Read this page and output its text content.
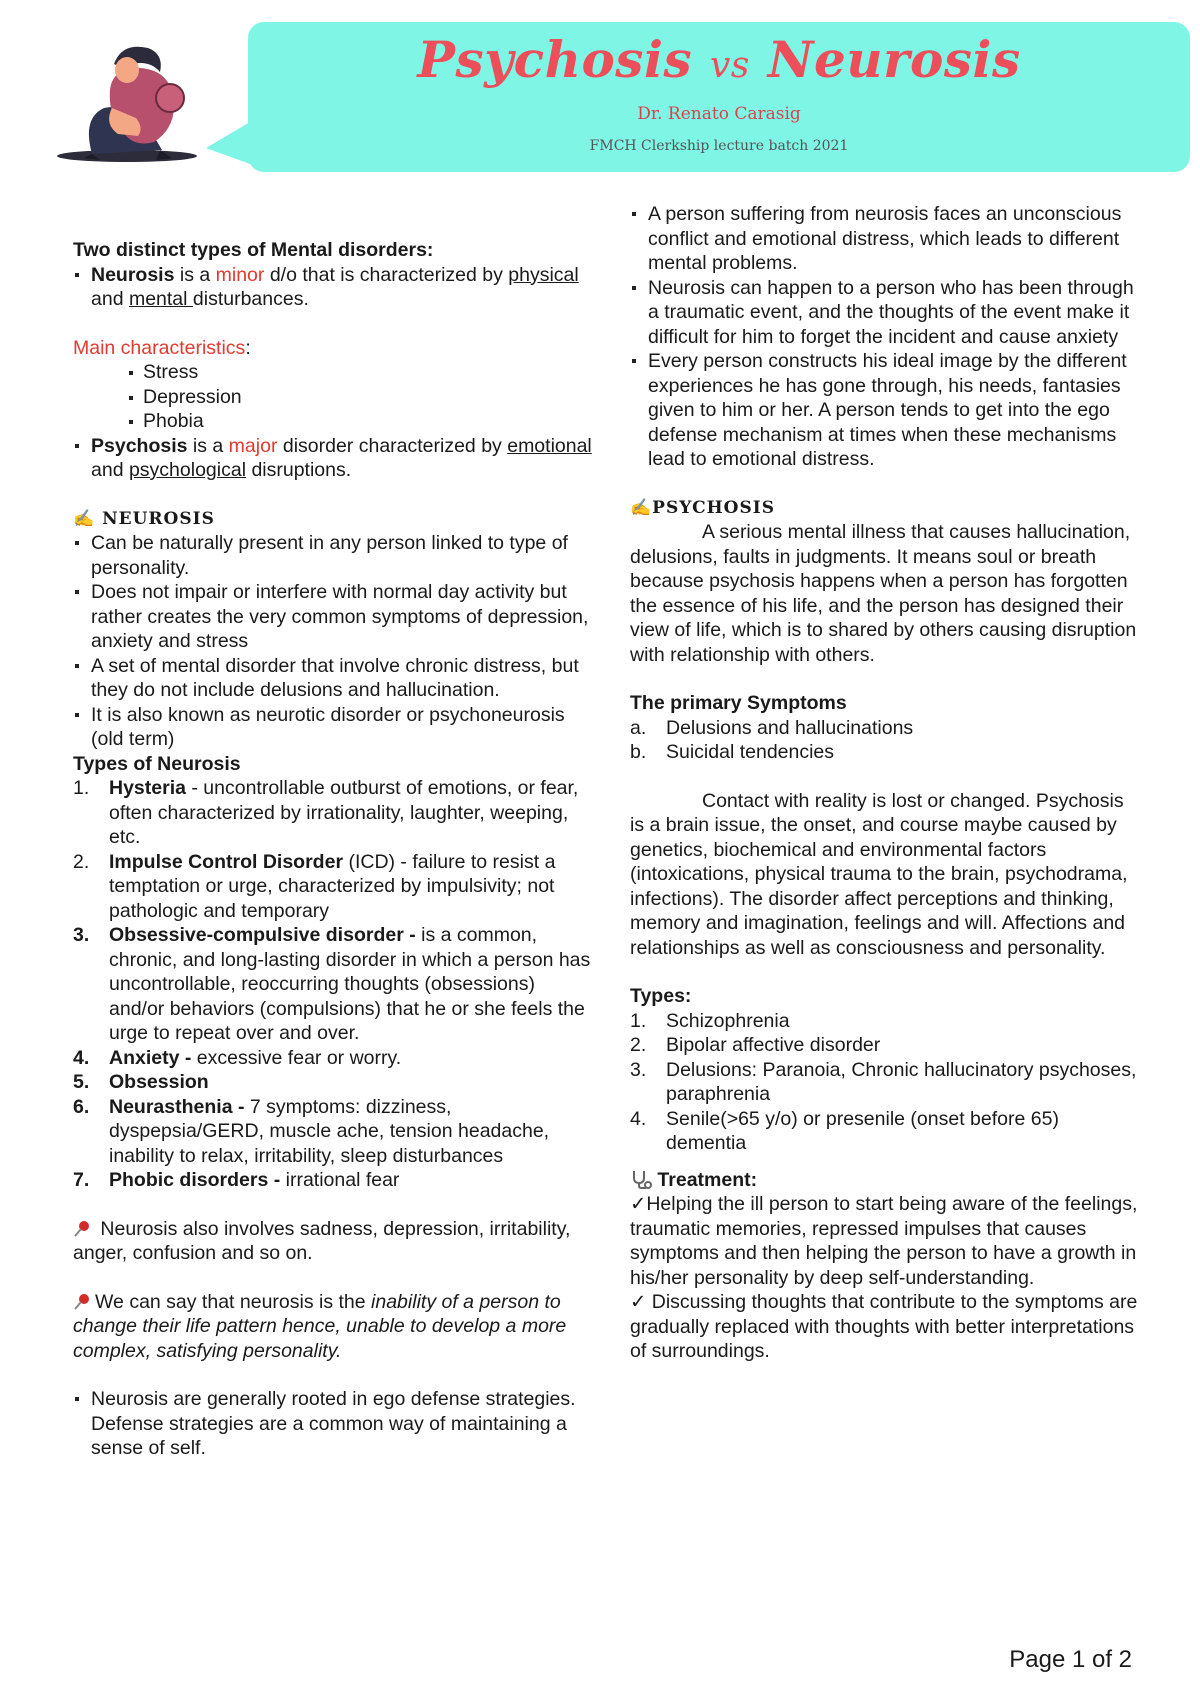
Psychosis vs Neurosis
Dr. Renato Carasig
FMCH Clerkship lecture batch 2021

Two distinct types of Mental disorders:

Neurosis is a minor d/o that is characterized by physical and mental disturbances.

Main characteristics:

Stress

Depression

Phobia

Psychosis is a major disorder characterized by emotional and psychological disruptions.

✍ NEUROSIS

Can be naturally present in any person linked to type of personality.

Does not impair or interfere with normal day activity but rather creates the very common symptoms of depression, anxiety and stress

A set of mental disorder that involve chronic distress, but they do not include delusions and hallucination.

It is also known as neurotic disorder or psychoneurosis (old term)

Types of Neurosis

1. Hysteria - uncontrollable outburst of emotions, or fear, often characterized by irrationality, laughter, weeping, etc.

2. Impulse Control Disorder (ICD) - failure to resist a temptation or urge, characterized by impulsivity; not pathologic and temporary

3. Obsessive-compulsive disorder - is a common, chronic, and long-lasting disorder in which a person has uncontrollable, reoccurring thoughts (obsessions) and/or behaviors (compulsions) that he or she feels the urge to repeat over and over.

4. Anxiety - excessive fear or worry.

5. Obsession

6. Neurasthenia - 7 symptoms: dizziness, dyspepsia/GERD, muscle ache, tension headache, inability to relax, irritability, sleep disturbances

7. Phobic disorders - irrational fear

Neurosis also involves sadness, depression, irritability, anger, confusion and so on.

We can say that neurosis is the inability of a person to change their life pattern hence, unable to develop a more complex, satisfying personality.

Neurosis are generally rooted in ego defense strategies. Defense strategies are a common way of maintaining a sense of self.

A person suffering from neurosis faces an unconscious conflict and emotional distress, which leads to different mental problems.

Neurosis can happen to a person who has been through a traumatic event, and the thoughts of the event make it difficult for him to forget the incident and cause anxiety

Every person constructs his ideal image by the different experiences he has gone through, his needs, fantasies given to him or her. A person tends to get into the ego defense mechanism at times when these mechanisms lead to emotional distress.

✍PSYCHOSIS

A serious mental illness that causes hallucination, delusions, faults in judgments. It means soul or breath because psychosis happens when a person has forgotten the essence of his life, and the person has designed their view of life, which is to shared by others causing disruption with relationship with others.

The primary Symptoms

a. Delusions and hallucinations

b. Suicidal tendencies

Contact with reality is lost or changed. Psychosis is a brain issue, the onset, and course maybe caused by genetics, biochemical and environmental factors (intoxications, physical trauma to the brain, psychodrama, infections). The disorder affect perceptions and thinking, memory and imagination, feelings and will. Affections and relationships as well as consciousness and personality.

Types:

1. Schizophrenia

2. Bipolar affective disorder

3. Delusions: Paranoia, Chronic hallucinatory psychoses, paraphrenia

4. Senile(>65 y/o) or presenile (onset before 65) dementia

Treatment:

✓Helping the ill person to start being aware of the feelings, traumatic memories, repressed impulses that causes symptoms and then helping the person to have a growth in his/her personality by deep self-understanding.

✓ Discussing thoughts that contribute to the symptoms are gradually replaced with thoughts with better interpretations of surroundings.

Page 1 of 2
